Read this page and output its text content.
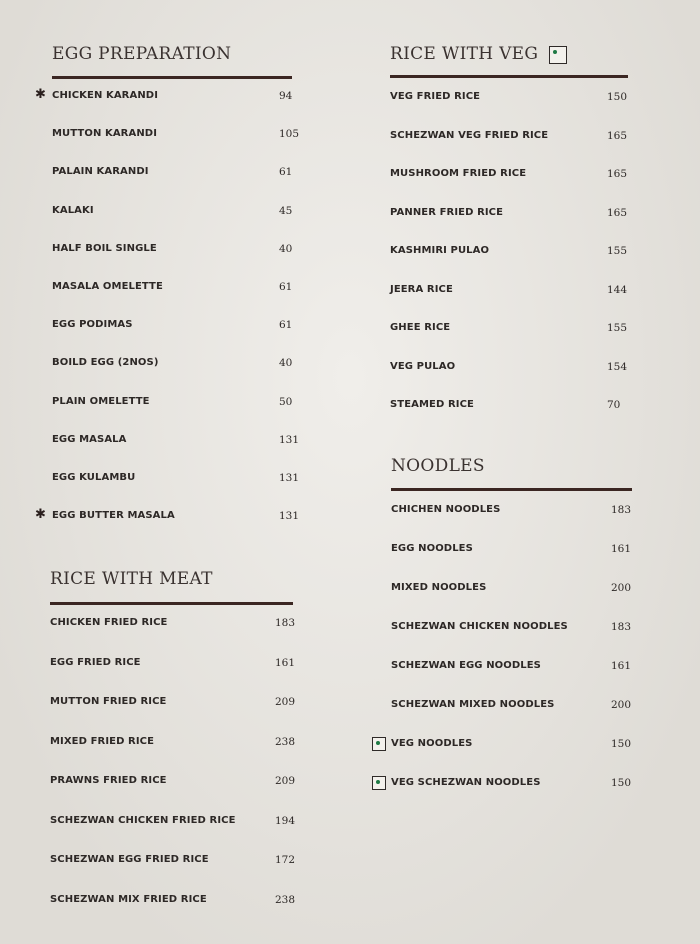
EGG PREPARATION
✱ CHICKEN KARANDI	94
MUTTON KARANDI	105
PALAIN KARANDI	61
KALAKI	45
HALF BOIL SINGLE	40
MASALA OMELETTE	61
EGG PODIMAS	61
BOILD EGG (2NOS)	40
PLAIN OMELETTE	50
EGG MASALA	131
EGG KULAMBU	131
✱ EGG BUTTER MASALA	131
RICE WITH MEAT
CHICKEN FRIED RICE	183
EGG FRIED RICE	161
MUTTON FRIED RICE	209
MIXED FRIED RICE	238
PRAWNS FRIED RICE	209
SCHEZWAN CHICKEN FRIED RICE	194
SCHEZWAN EGG FRIED RICE	172
SCHEZWAN MIX FRIED RICE	238
RICE WITH VEG
VEG FRIED RICE	150
SCHEZWAN VEG FRIED RICE	165
MUSHROOM FRIED RICE	165
PANNER FRIED RICE	165
KASHMIRI PULAO	155
JEERA RICE	144
GHEE RICE	155
VEG PULAO	154
STEAMED RICE	70
NOODLES
CHICHEN NOODLES	183
EGG NOODLES	161
MIXED NOODLES	200
SCHEZWAN CHICKEN NOODLES	183
SCHEZWAN EGG NOODLES	161
SCHEZWAN MIXED NOODLES	200
VEG NOODLES	150
VEG SCHEZWAN NOODLES	150
